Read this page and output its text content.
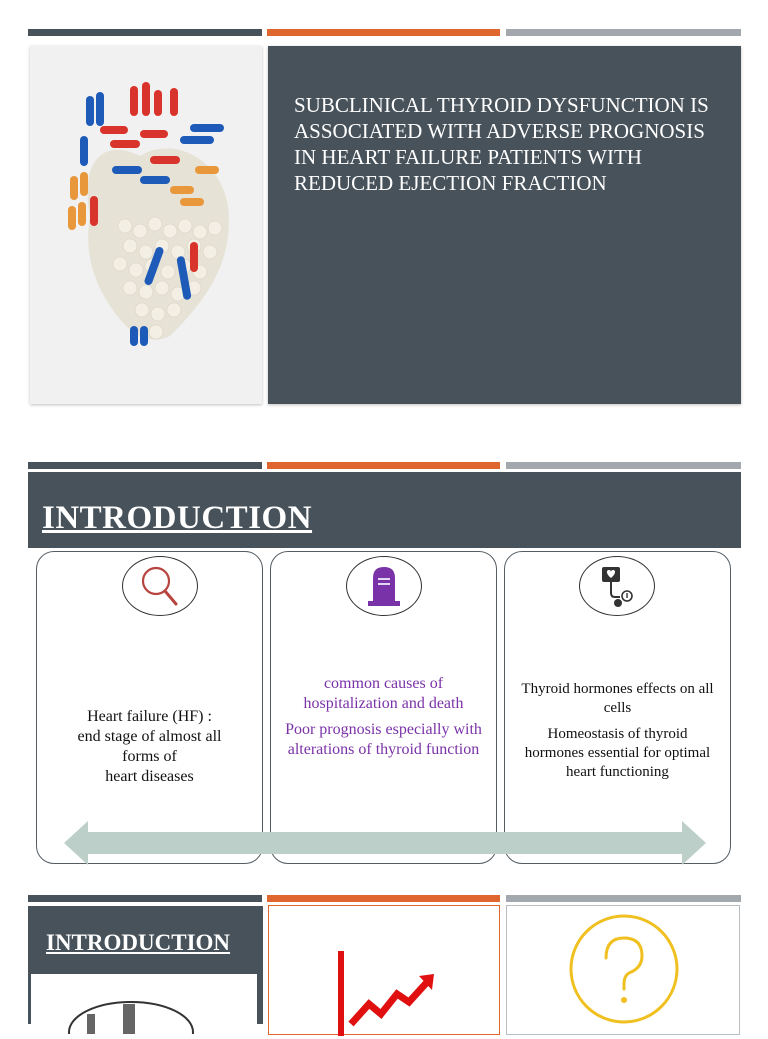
SUBCLINICAL THYROID DYSFUNCTION IS ASSOCIATED WITH ADVERSE PROGNOSIS IN HEART FAILURE PATIENTS WITH REDUCED EJECTION FRACTION
INTRODUCTION
Heart failure (HF) :
end stage of almost all
forms of
heart diseases
common causes of hospitalization and death
Poor prognosis especially with alterations of thyroid function
Thyroid hormones effects on all cells
Homeostasis of thyroid hormones essential for optimal heart functioning
INTRODUCTION
